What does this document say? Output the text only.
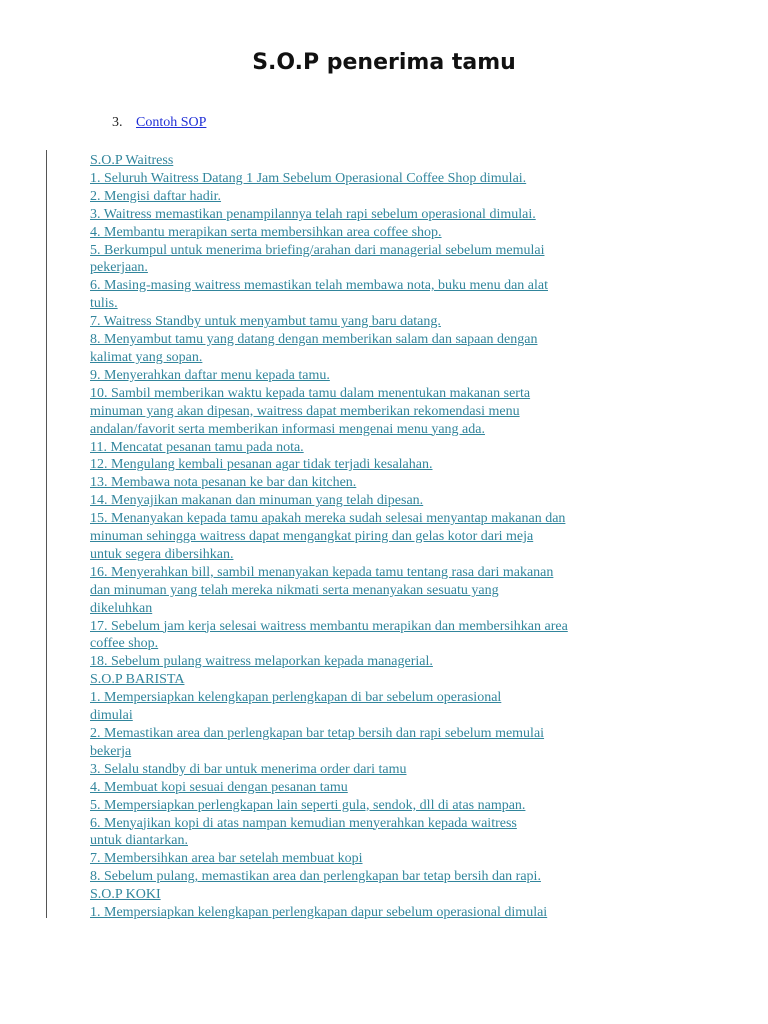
S.O.P penerima tamu
3. Contoh SOP
S.O.P Waitress
1. Seluruh Waitress Datang 1 Jam Sebelum Operasional Coffee Shop dimulai.
2. Mengisi daftar hadir.
3. Waitress memastikan penampilannya telah rapi sebelum operasional dimulai.
4. Membantu merapikan serta membersihkan area coffee shop.
5. Berkumpul untuk menerima briefing/arahan dari managerial sebelum memulai
pekerjaan.
6. Masing-masing waitress memastikan telah membawa nota, buku menu dan alat
tulis.
7. Waitress Standby untuk menyambut tamu yang baru datang.
8. Menyambut tamu yang datang dengan memberikan salam dan sapaan dengan
kalimat yang sopan.
9. Menyerahkan daftar menu kepada tamu.
10. Sambil memberikan waktu kepada tamu dalam menentukan makanan serta
minuman yang akan dipesan, waitress dapat memberikan rekomendasi menu
andalan/favorit serta memberikan informasi mengenai menu yang ada.
11. Mencatat pesanan tamu pada nota.
12. Mengulang kembali pesanan agar tidak terjadi kesalahan.
13. Membawa nota pesanan ke bar dan kitchen.
14. Menyajikan makanan dan minuman yang telah dipesan.
15. Menanyakan kepada tamu apakah mereka sudah selesai menyantap makanan dan
minuman sehingga waitress dapat mengangkat piring dan gelas kotor dari meja
untuk segera dibersihkan.
16. Menyerahkan bill, sambil menanyakan kepada tamu tentang rasa dari makanan
dan minuman yang telah mereka nikmati serta menanyakan sesuatu yang
dikeluhkan
17. Sebelum jam kerja selesai waitress membantu merapikan dan membersihkan area
coffee shop.
18. Sebelum pulang waitress melaporkan kepada managerial.
S.O.P BARISTA
1. Mempersiapkan kelengkapan perlengkapan di bar sebelum operasional
dimulai
2. Memastikan area dan perlengkapan bar tetap bersih dan rapi sebelum memulai
bekerja
3. Selalu standby di bar untuk menerima order dari tamu
4. Membuat kopi sesuai dengan pesanan tamu
5. Mempersiapkan perlengkapan lain seperti gula, sendok, dll di atas nampan.
6. Menyajikan kopi di atas nampan kemudian menyerahkan kepada waitress
untuk diantarkan.
7. Membersihkan area bar setelah membuat kopi
8. Sebelum pulang, memastikan area dan perlengkapan bar tetap bersih dan rapi.
S.O.P KOKI
1. Mempersiapkan kelengkapan perlengkapan dapur sebelum operasional dimulai
